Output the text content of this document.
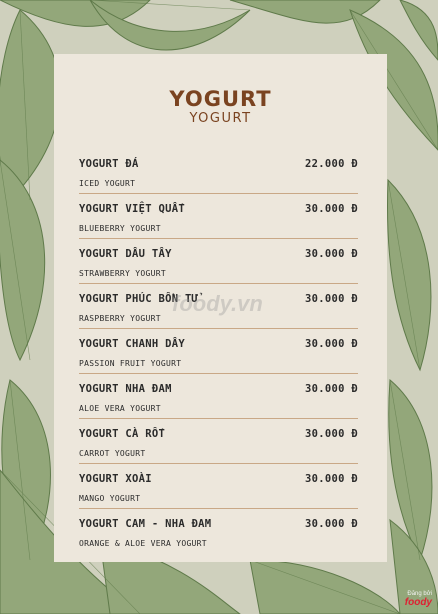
YOGURT
YOGURT
YOGURT ĐÁ
ICED YOGURT
22.000 Đ
YOGURT VIỆT QUẤT
BLUEBERRY YOGURT
30.000 Đ
YOGURT DÂU TÂY
STRAWBERRY YOGURT
30.000 Đ
YOGURT PHÚC BỒN TỬ
RASPBERRY YOGURT
30.000 Đ
YOGURT CHANH DÂY
PASSION FRUIT YOGURT
30.000 Đ
YOGURT NHA ĐAM
ALOE VERA YOGURT
30.000 Đ
YOGURT CÀ RỐT
CARROT YOGURT
30.000 Đ
YOGURT XOÀI
MANGO YOGURT
30.000 Đ
YOGURT CAM - NHA ĐAM
ORANGE & ALOE VERA YOGURT
30.000 Đ
foody.vn
Đăng bởi
foody
